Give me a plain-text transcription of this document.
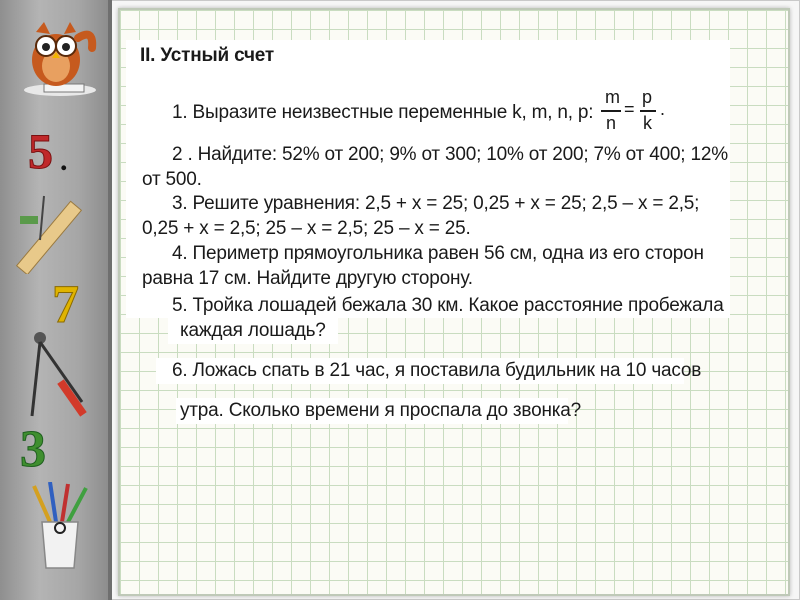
5 .
7
3
II. Устный счет
1. Выразите неизвестные переменные k, m, n, p:
m
n
=
p
k
.
2 . Найдите: 52% от 200; 9% от 300; 10% от 200; 7% от 400; 12%
от 500.
3. Решите уравнения: 2,5 + х = 25; 0,25 + х = 25; 2,5 – х = 2,5;
0,25 + х = 2,5; 25 – х = 2,5; 25 – х = 25.
4. Периметр прямоугольника равен 56 см, одна из его сторон
равна 17 см. Найдите другую сторону.
5. Тройка лошадей бежала 30 км. Какое расстояние пробежала
каждая лошадь?
6. Ложась спать в 21 час, я поставила будильник на 10 часов
утра. Сколько времени я проспала до звонка?
